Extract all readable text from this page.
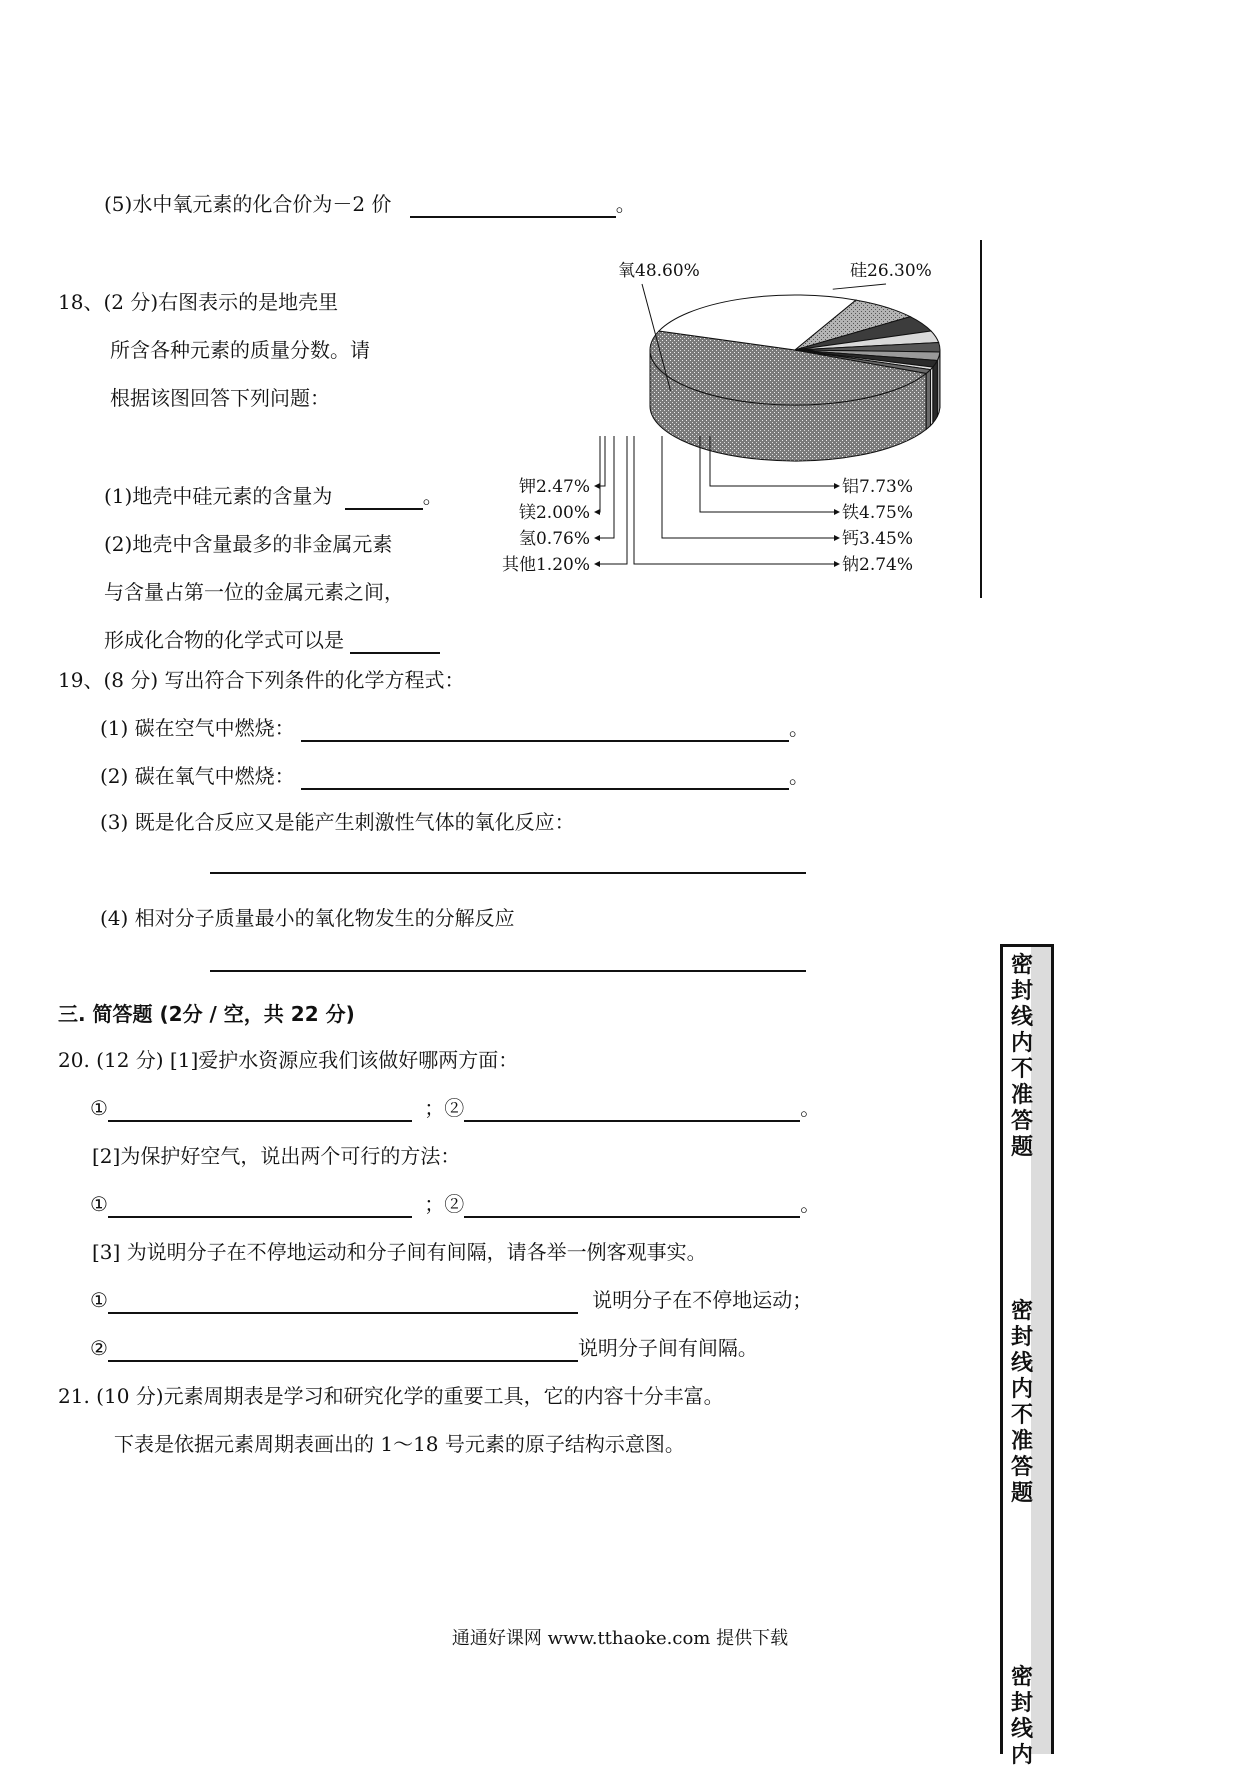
(5)水中氧元素的化合价为－2 价	。
18、(2 分)右图表示的是地壳里
所含各种元素的质量分数。请
根据该图回答下列问题：
(1)地壳中硅元素的含量为	。
(2)地壳中含量最多的非金属元素
与含量占第一位的金属元素之间，
形成化合物的化学式可以是
氧48.60%	硅26.30%
铝7.73%
铁4.75%
钙3.45%
钠2.74%
钾2.47%
镁2.00%
氢0.76%
其他1.20%
19、(8 分) 写出符合下列条件的化学方程式：
(1) 碳在空气中燃烧：	。
(2) 碳在氧气中燃烧：	。
(3) 既是化合反应又是能产生刺激性气体的氧化反应：
(4) 相对分子质量最小的氧化物发生的分解反应
三. 简答题 (2分 / 空，共 22 分)
20. (12 分) [1]爱护水资源应我们该做好哪两方面：
①	；②	。
[2]为保护好空气，说出两个可行的方法：
①	；②	。
[3] 为说明分子在不停地运动和分子间有间隔，请各举一例客观事实。
①	说明分子在不停地运动；
②	说明分子间有间隔。
21. (10 分)元素周期表是学习和研究化学的重要工具，它的内容十分丰富。
下表是依据元素周期表画出的 1～18 号元素的原子结构示意图。
通通好课网 www.tthaoke.com 提供下载
密封线内不准答题
密封线内不准答题
密封线内
